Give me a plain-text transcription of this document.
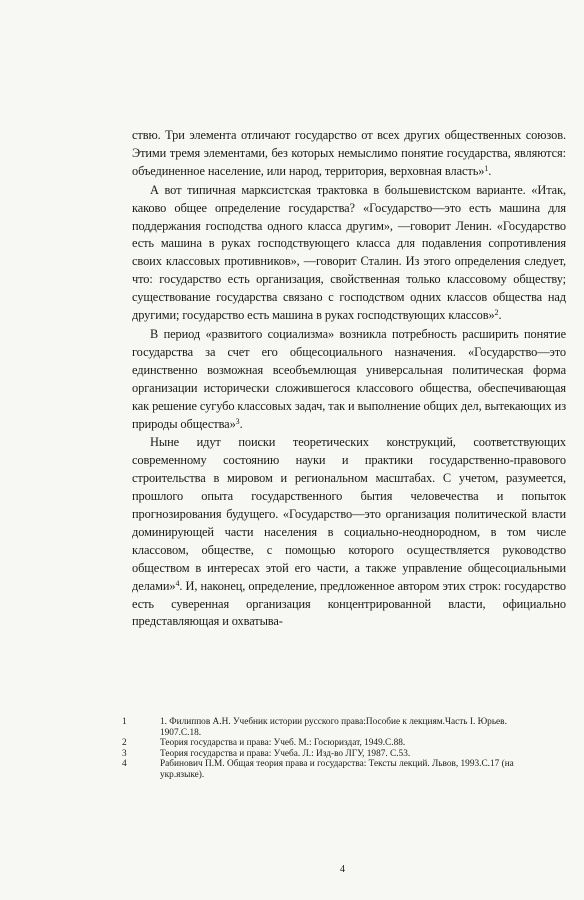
ствю. Три элемента отличают государство от всех других общественных союзов. Этими тремя элементами, без которых немыслимо понятие государства, являются: объединенное население, или народ, территория, верховная власть»$^1$.

А вот типичная марксистская трактовка в большевистском варианте. «Итак, каково общее определение государства? «Государство—это есть машина для поддержания господства одного класса другим», —говорит Ленин. «Государство есть машина в руках господствующего класса для подавления сопротивления своих классовых противников», —говорит Сталин. Из этого определения следует, что: государство есть организация, свойственная только классовому обществу; существование государства связано с господством одних классов общества над другими; государство есть машина в руках господствующих классов»$^2$.

В период «развитого социализма» возникла потребность расширить понятие государства за счет его общесоциального назначения. «Государство—это единственно возможная всеобъемлющая универсальная политическая форма организации исторически сложившегося классового общества, обеспечивающая как решение сугубо классовых задач, так и выполнение общих дел, вытекающих из природы общества»$^3$.

Ныне идут поиски теоретических конструкций, соответствующих современному состоянию науки и практики государственно-правового строительства в мировом и региональном масштабах. С учетом, разумеется, прошлого опыта государственного бытия человечества и попыток прогнозирования будущего. «Государство—это организация политической власти доминирующей части населения в социально-неоднородном, в том числе классовом, обществе, с помощью которого осуществляется руководство обществом в интересах этой его части, а также управление общесоциальными делами»$^4$. И, наконец, определение, предложенное автором этих строк: государство есть суверенная организация концентрированной власти, официально представляющая и охватыва-

1	1. Филиппов А.Н. Учебник истории русского права:Пособие к лекциям.Часть I. Юрьев. 1907.С.18.
2	Теория государства и права: Учеб. М.: Госюриздат, 1949.С.88.
3	Теория государства и права: Учеба. Л.: Изд-во ЛГУ, 1987. С.53.
4	Рабинович П.М. Общая теория права и государства: Тексты лекций. Львов, 1993.С.17 (на укр.языке).
4
